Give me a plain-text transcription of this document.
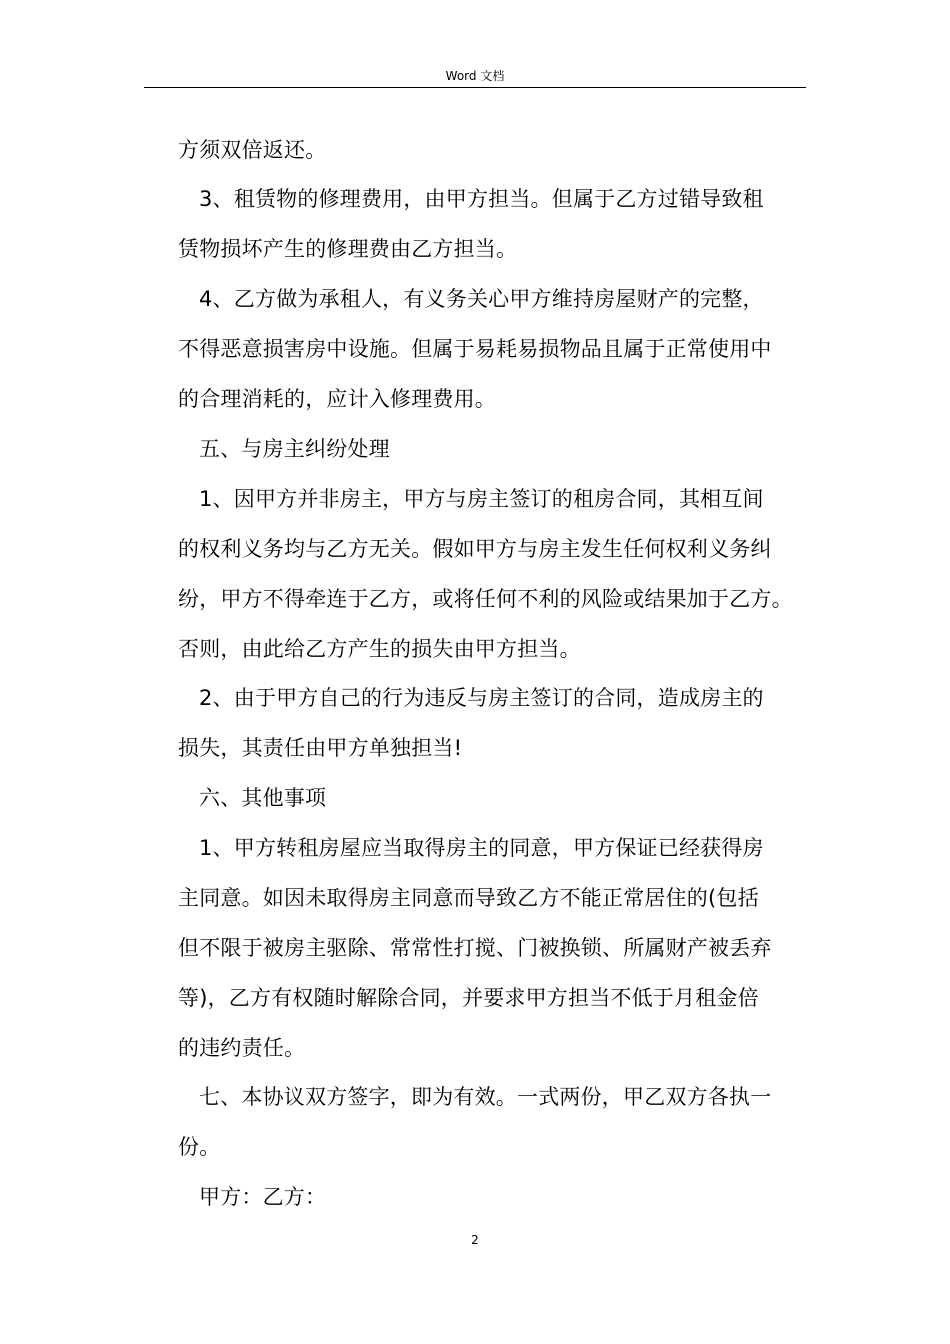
Word 文档
方须双倍返还。
3、租赁物的修理费用，由甲方担当。但属于乙方过错导致租
赁物损坏产生的修理费由乙方担当。
4、乙方做为承租人，有义务关心甲方维持房屋财产的完整，
不得恶意损害房中设施。但属于易耗易损物品且属于正常使用中
的合理消耗的，应计入修理费用。
五、与房主纠纷处理
1、因甲方并非房主，甲方与房主签订的租房合同，其相互间
的权利义务均与乙方无关。假如甲方与房主发生任何权利义务纠
纷，甲方不得牵连于乙方，或将任何不利的风险或结果加于乙方。
否则，由此给乙方产生的损失由甲方担当。
2、由于甲方自己的行为违反与房主签订的合同，造成房主的
损失，其责任由甲方单独担当!
六、其他事项
1、甲方转租房屋应当取得房主的同意，甲方保证已经获得房
主同意。如因未取得房主同意而导致乙方不能正常居住的(包括
但不限于被房主驱除、常常性打搅、门被换锁、所属财产被丢弃
等)，乙方有权随时解除合同，并要求甲方担当不低于月租金倍
的违约责任。
七、本协议双方签字，即为有效。一式两份，甲乙双方各执一
份。
甲方：乙方：
2
